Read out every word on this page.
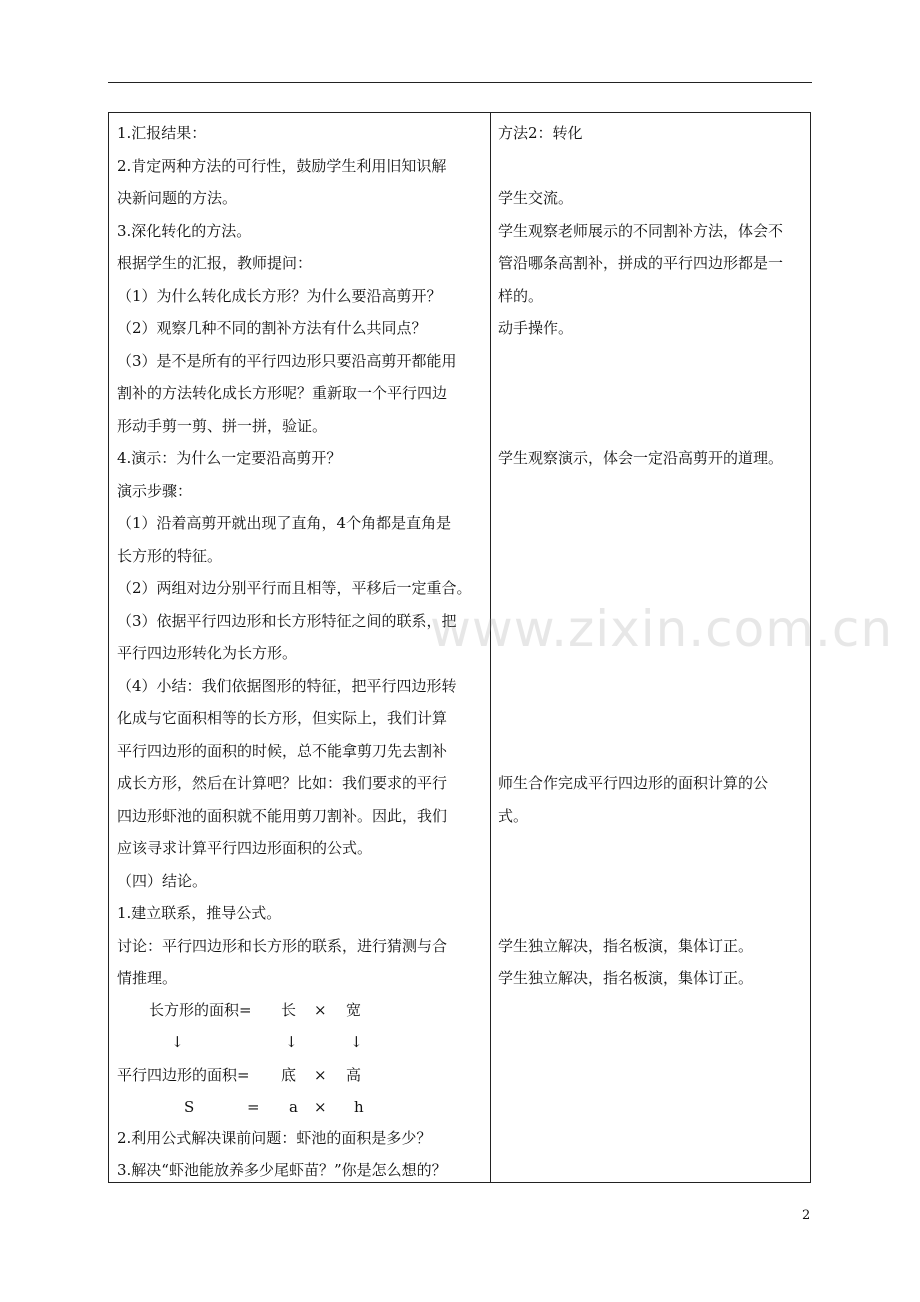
1.汇报结果：
2.肯定两种方法的可行性，鼓励学生利用旧知识解
决新问题的方法。
3.深化转化的方法。
根据学生的汇报，教师提问：
（1）为什么转化成长方形？为什么要沿高剪开？
（2）观察几种不同的割补方法有什么共同点？
（3）是不是所有的平行四边形只要沿高剪开都能用
割补的方法转化成长方形呢？重新取一个平行四边
形动手剪一剪、拼一拼，验证。
4.演示：为什么一定要沿高剪开？
演示步骤：
（1）沿着高剪开就出现了直角，4个角都是直角是
长方形的特征。
（2）两组对边分别平行而且相等，平移后一定重合。
（3）依据平行四边形和长方形特征之间的联系，把
平行四边形转化为长方形。
（4）小结：我们依据图形的特征，把平行四边形转
化成与它面积相等的长方形，但实际上，我们计算
平行四边形的面积的时候，总不能拿剪刀先去割补
成长方形，然后在计算吧？比如：我们要求的平行
四边形虾池的面积就不能用剪刀割补。因此，我们
应该寻求计算平行四边形面积的公式。
（四）结论。
1.建立联系，推导公式。
讨论：平行四边形和长方形的联系，进行猜测与合
情推理。
长方形的面积= 长 × 宽
↓	↓	↓
平行四边形的面积= 底 × 高
S	= a × h
2.利用公式解决课前问题：虾池的面积是多少？
3.解决“虾池能放养多少尾虾苗？”你是怎么想的？
方法2：转化
学生交流。
学生观察老师展示的不同割补方法，体会不
管沿哪条高割补，拼成的平行四边形都是一
样的。
动手操作。
学生观察演示，体会一定沿高剪开的道理。
师生合作完成平行四边形的面积计算的公
式。
学生独立解决，指名板演，集体订正。
学生独立解决，指名板演，集体订正。
www.zixin.com.cn
2
